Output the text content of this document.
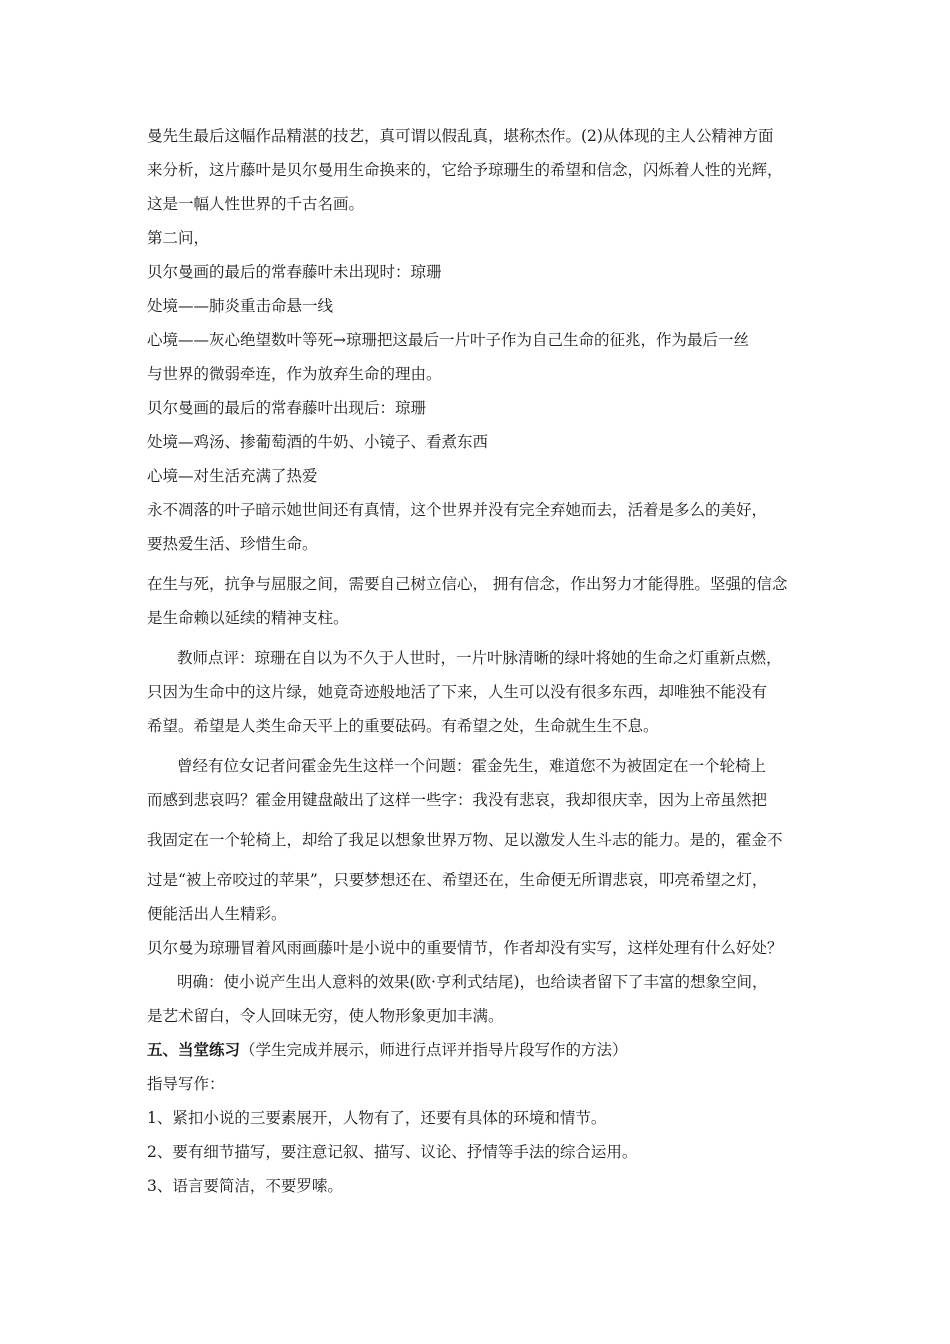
曼先生最后这幅作品精湛的技艺，真可谓以假乱真，堪称杰作。(2)从体现的主人公精神方面
来分析，这片藤叶是贝尔曼用生命换来的，它给予琼珊生的希望和信念，闪烁着人性的光辉，
这是一幅人性世界的千古名画。
第二问，
贝尔曼画的最后的常春藤叶未出现时：琼珊
处境——肺炎重击命悬一线
心境——灰心绝望数叶等死→琼珊把这最后一片叶子作为自己生命的征兆，作为最后一丝
与世界的微弱牵连，作为放弃生命的理由。
贝尔曼画的最后的常春藤叶出现后：琼珊
处境—鸡汤、掺葡萄酒的牛奶、小镜子、看煮东西
心境—对生活充满了热爱
永不凋落的叶子暗示她世间还有真情，这个世界并没有完全弃她而去，活着是多么的美好，
要热爱生活、珍惜生命。
在生与死，抗争与屈服之间，需要自己树立信心， 拥有信念，作出努力才能得胜。坚强的信念
是生命赖以延续的精神支柱。
教师点评：琼珊在自以为不久于人世时，一片叶脉清晰的绿叶将她的生命之灯重新点燃，
只因为生命中的这片绿，她竟奇迹般地活了下来，人生可以没有很多东西，却唯独不能没有
希望。希望是人类生命天平上的重要砝码。有希望之处，生命就生生不息。
曾经有位女记者问霍金先生这样一个问题：霍金先生，难道您不为被固定在一个轮椅上
而感到悲哀吗？霍金用键盘敲出了这样一些字：我没有悲哀，我却很庆幸，因为上帝虽然把
我固定在一个轮椅上，却给了我足以想象世界万物、足以激发人生斗志的能力。是的，霍金不
过是“被上帝咬过的苹果”，只要梦想还在、希望还在，生命便无所谓悲哀，叩亮希望之灯，
便能活出人生精彩。
贝尔曼为琼珊冒着风雨画藤叶是小说中的重要情节，作者却没有实写，这样处理有什么好处？
明确：使小说产生出人意料的效果(欧·亨利式结尾)，也给读者留下了丰富的想象空间，
是艺术留白，令人回味无穷，使人物形象更加丰满。
五、当堂练习（学生完成并展示，师进行点评并指导片段写作的方法）
指导写作：
1、紧扣小说的三要素展开，人物有了，还要有具体的环境和情节。
2、要有细节描写，要注意记叙、描写、议论、抒情等手法的综合运用。
3、语言要简洁，不要罗嗦。
